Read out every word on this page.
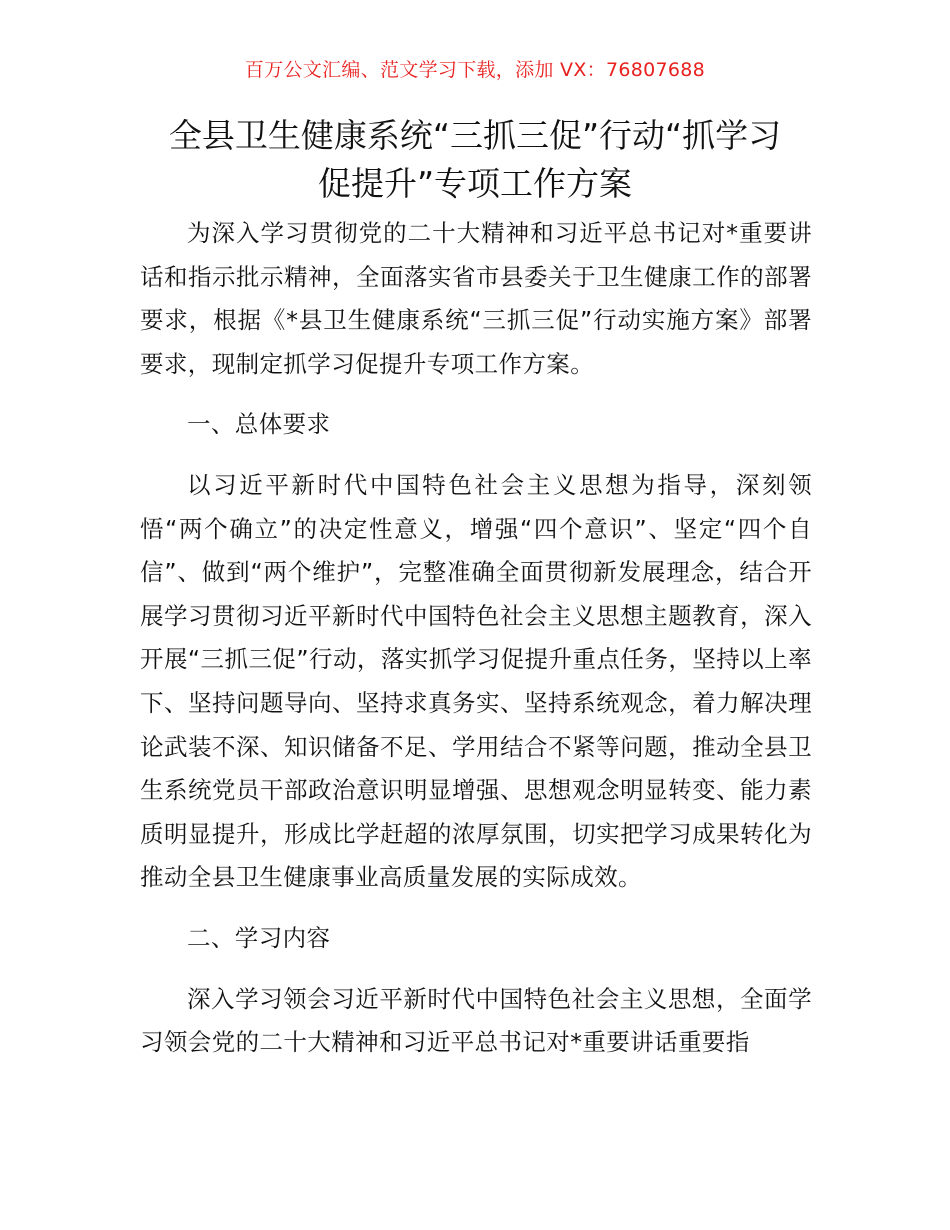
百万公文汇编、范文学习下载，添加 VX：76807688
全县卫生健康系统“三抓三促”行动“抓学习
促提升”专项工作方案

为深入学习贯彻党的二十大精神和习近平总书记对*重要讲话和指示批示精神，全面落实省市县委关于卫生健康工作的部署要求，根据《*县卫生健康系统“三抓三促”行动实施方案》部署要求，现制定抓学习促提升专项工作方案。

一、总体要求

以习近平新时代中国特色社会主义思想为指导，深刻领悟“两个确立”的决定性意义，增强“四个意识”、坚定“四个自信”、做到“两个维护”，完整准确全面贯彻新发展理念，结合开展学习贯彻习近平新时代中国特色社会主义思想主题教育，深入开展“三抓三促”行动，落实抓学习促提升重点任务，坚持以上率下、坚持问题导向、坚持求真务实、坚持系统观念，着力解决理论武装不深、知识储备不足、学用结合不紧等问题，推动全县卫生系统党员干部政治意识明显增强、思想观念明显转变、能力素质明显提升，形成比学赶超的浓厚氛围，切实把学习成果转化为推动全县卫生健康事业高质量发展的实际成效。

二、学习内容

深入学习领会习近平新时代中国特色社会主义思想，全面学习领会党的二十大精神和习近平总书记对*重要讲话重要指
